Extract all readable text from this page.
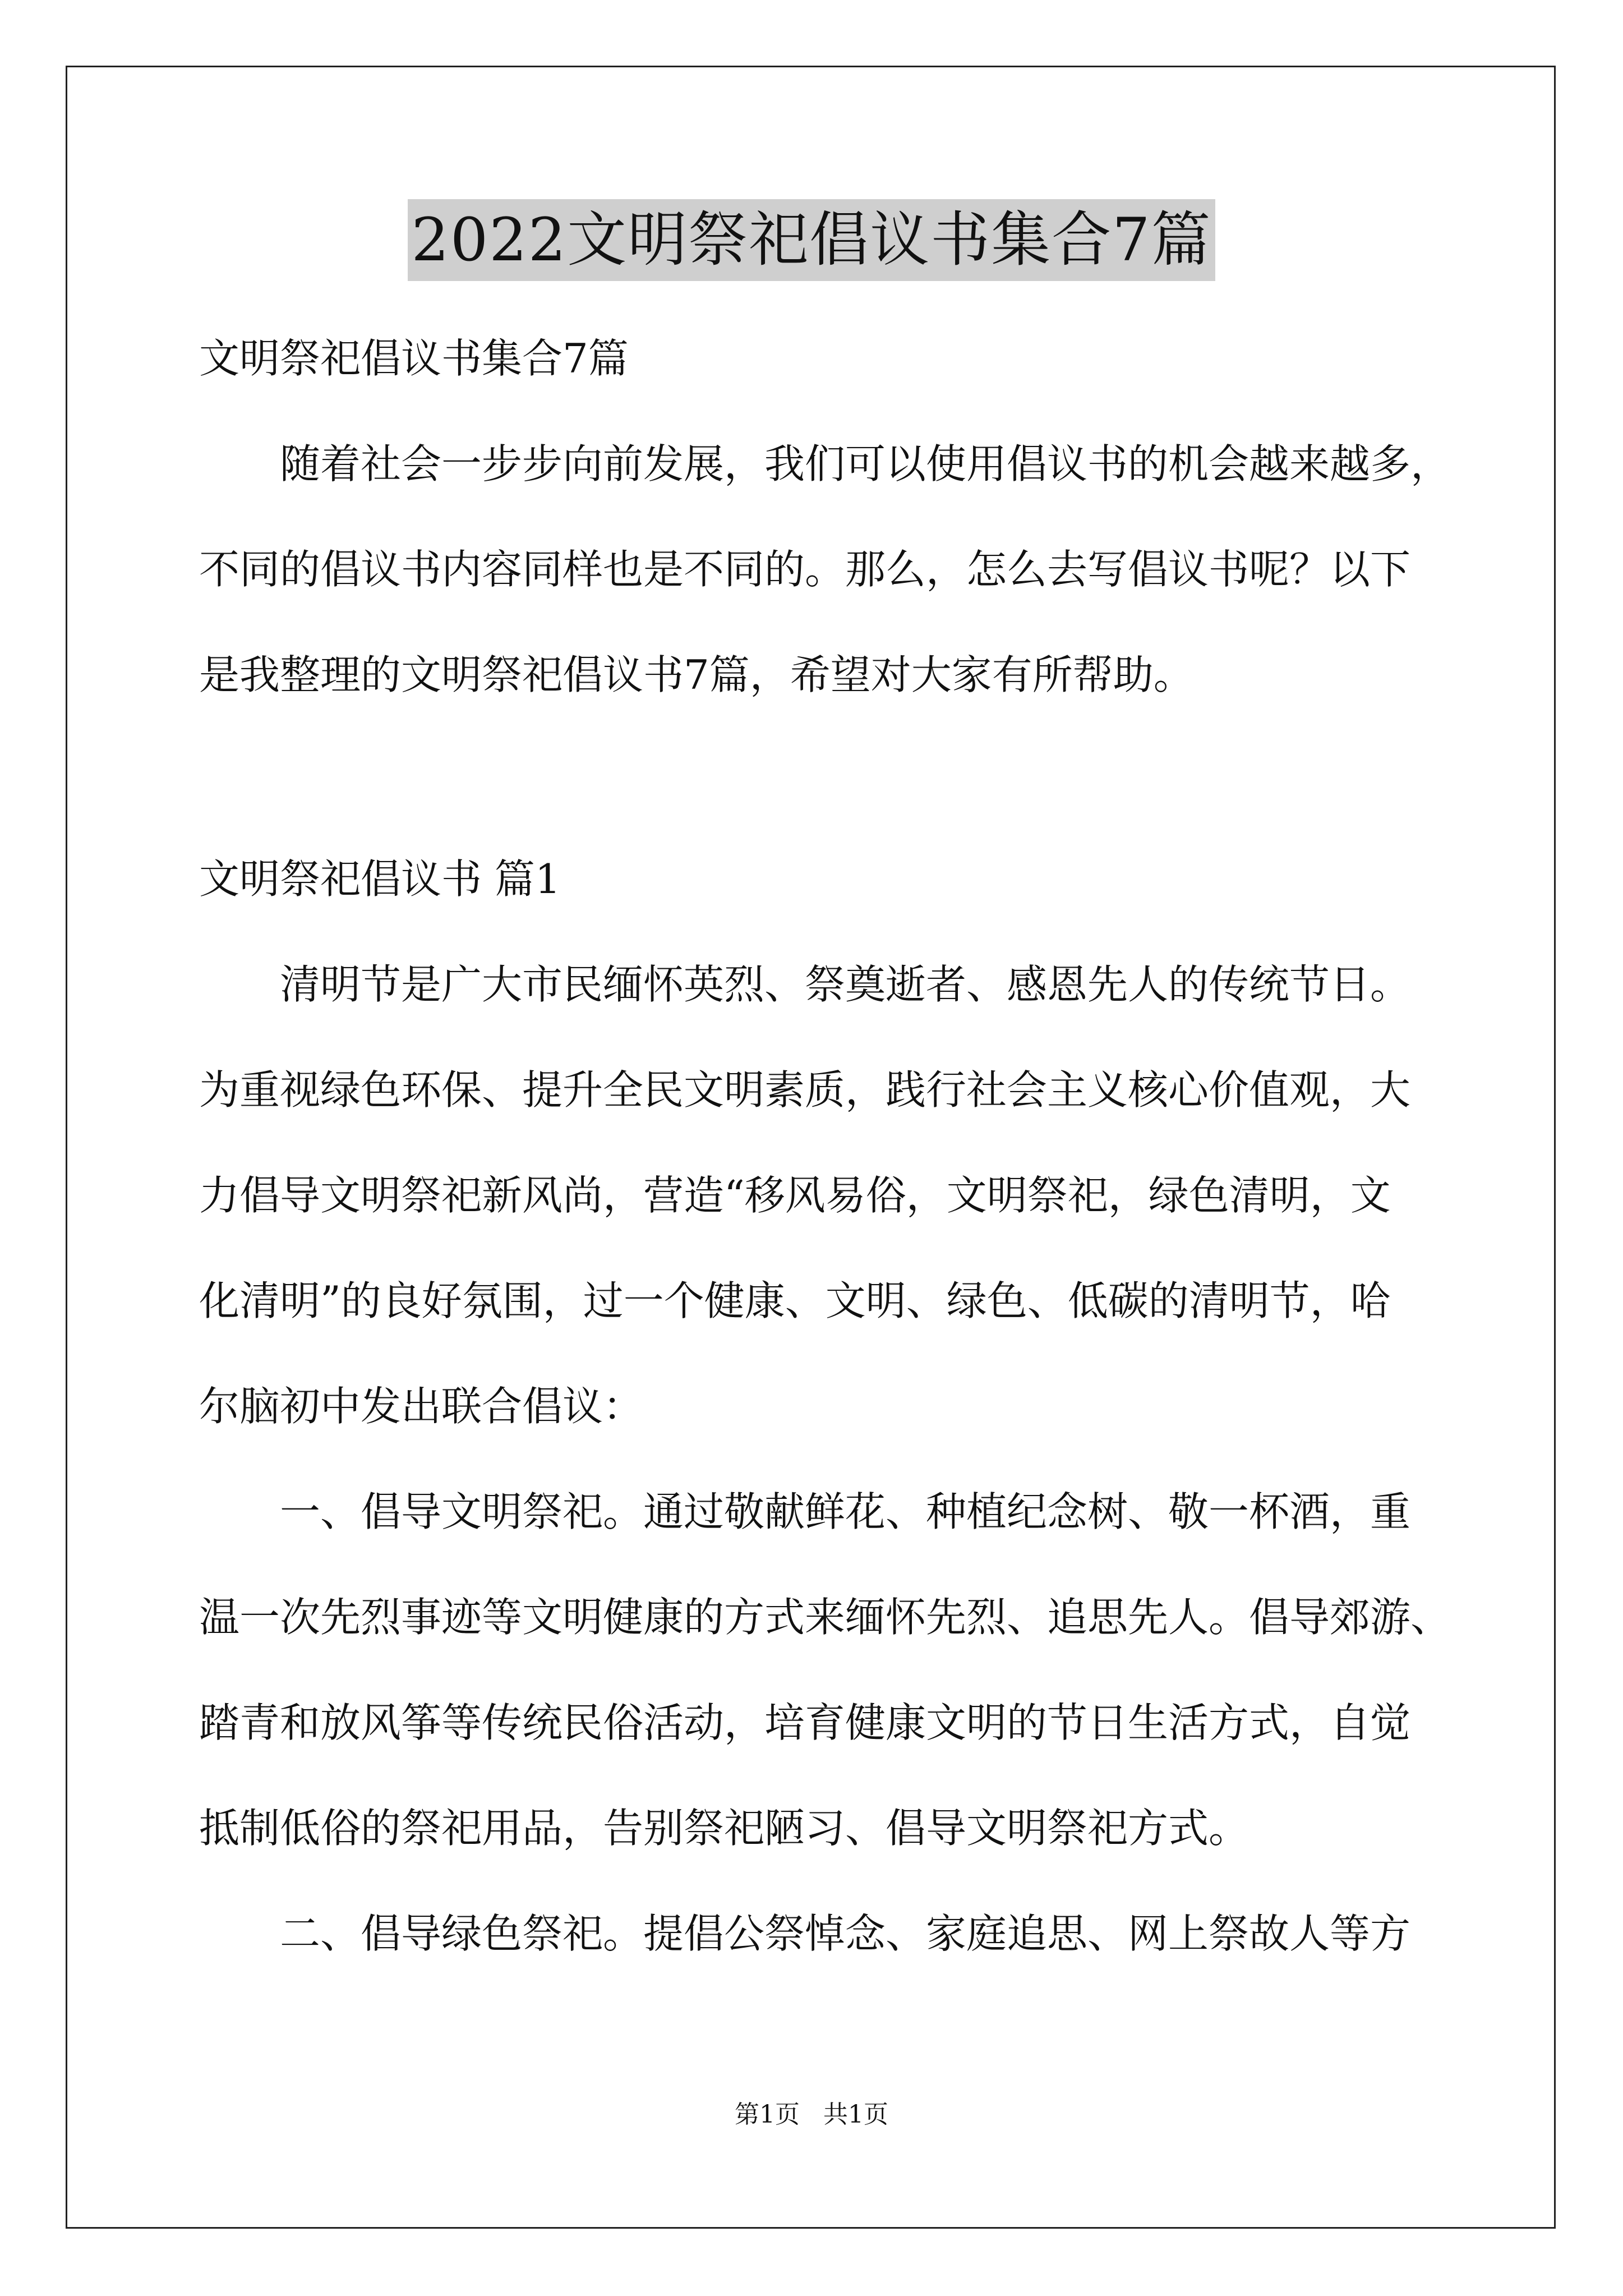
2022文明祭祀倡议书集合7篇

文明祭祀倡议书集合7篇

随着社会一步步向前发展，我们可以使用倡议书的机会越来越多，

不同的倡议书内容同样也是不同的。那么，怎么去写倡议书呢？以下

是我整理的文明祭祀倡议书7篇，希望对大家有所帮助。

文明祭祀倡议书 篇1

清明节是广大市民缅怀英烈、祭奠逝者、感恩先人的传统节日。

为重视绿色环保、提升全民文明素质，践行社会主义核心价值观，大

力倡导文明祭祀新风尚，营造“移风易俗，文明祭祀，绿色清明，文

化清明”的良好氛围，过一个健康、文明、绿色、低碳的清明节，哈

尔脑初中发出联合倡议：

一、倡导文明祭祀。通过敬献鲜花、种植纪念树、敬一杯酒，重

温一次先烈事迹等文明健康的方式来缅怀先烈、追思先人。倡导郊游、

踏青和放风筝等传统民俗活动，培育健康文明的节日生活方式，自觉

抵制低俗的祭祀用品，告别祭祀陋习、倡导文明祭祀方式。

二、倡导绿色祭祀。提倡公祭悼念、家庭追思、网上祭故人等方

第1页   共1页
